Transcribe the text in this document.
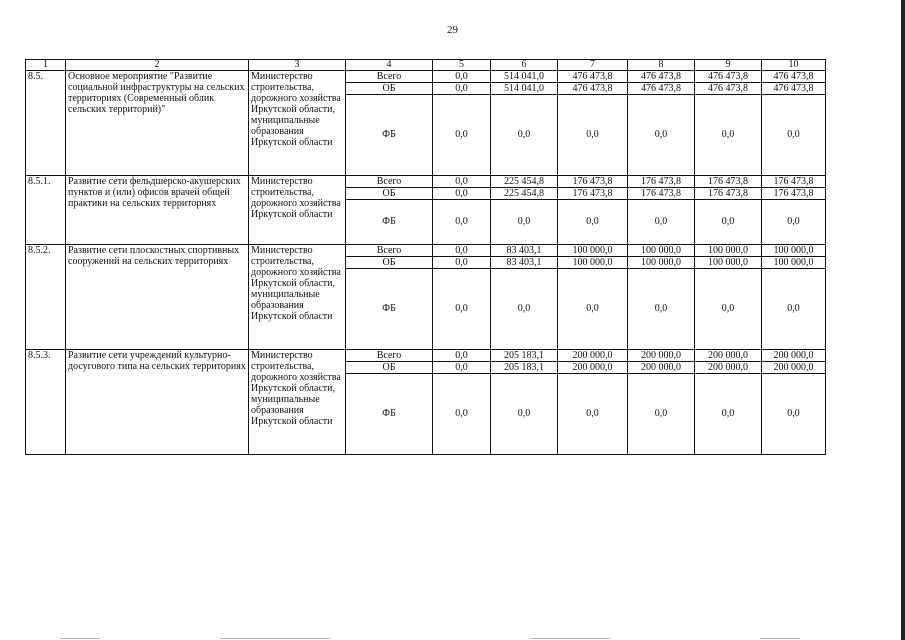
29
1	2	3	4	5	6	7	8	9	10
8.5.	Основное мероприятие "Развитие социальной инфраструктуры на сельских территориях (Современный облик сельских территорий)"	Министерство строительства, дорожного хозяйства Иркутской области, муниципальные образования Иркутской области	Всего	0,0	514 041,0	476 473,8	476 473,8	476 473,8	476 473,8
			ОБ	0,0	514 041,0	476 473,8	476 473,8	476 473,8	476 473,8
			ФБ	0,0	0,0	0,0	0,0	0,0	0,0
8.5.1.	Развитие сети фельдшерско-акушерских пунктов и (или) офисов врачей общей практики на сельских территориях	Министерство строительства, дорожного хозяйства Иркутской области	Всего	0,0	225 454,8	176 473,8	176 473,8	176 473,8	176 473,8
			ОБ	0,0	225 454,8	176 473,8	176 473,8	176 473,8	176 473,8
			ФБ	0,0	0,0	0,0	0,0	0,0	0,0
8.5.2.	Развитие сети плоскостных спортивных сооружений на сельских территориях	Министерство строительства, дорожного хозяйства Иркутской области, муниципальные образования Иркутской области	Всего	0,0	83 403,1	100 000,0	100 000,0	100 000,0	100 000,0
			ОБ	0,0	83 403,1	100 000,0	100 000,0	100 000,0	100 000,0
			ФБ	0,0	0,0	0,0	0,0	0,0	0,0
8.5.3.	Развитие сети учреждений культурно-досугового типа на сельских территориях	Министерство строительства, дорожного хозяйства Иркутской области, муниципальные образования Иркутской области	Всего	0,0	205 183,1	200 000,0	200 000,0	200 000,0	200 000,0
			ОБ	0,0	205 183,1	200 000,0	200 000,0	200 000,0	200 000,0
			ФБ	0,0	0,0	0,0	0,0	0,0	0,0
